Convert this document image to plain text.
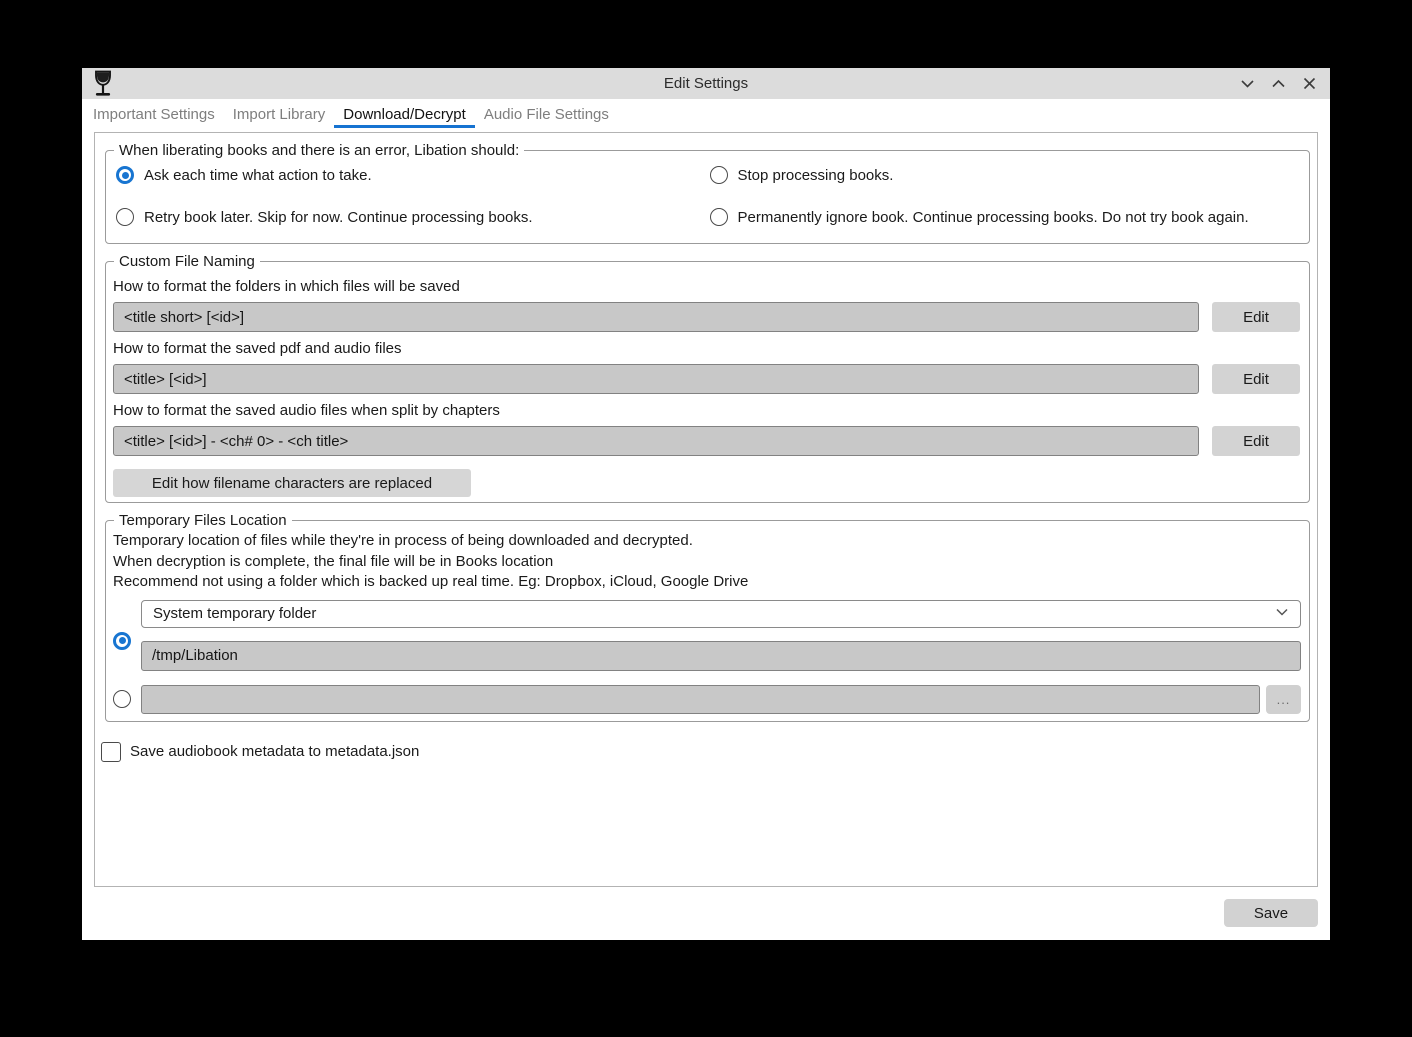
Edit Settings
Important Settings	Import Library	Download/Decrypt	Audio File Settings
When liberating books and there is an error, Libation should:
Ask each time what action to take.	Stop processing books.
Retry book later. Skip for now. Continue processing books.	Permanently ignore book. Continue processing books. Do not try book again.
Custom File Naming
How to format the folders in which files will be saved
<title short> [<id>]	Edit
How to format the saved pdf and audio files
<title> [<id>]	Edit
How to format the saved audio files when split by chapters
<title> [<id>] - <ch# 0> - <ch title>	Edit
Edit how filename characters are replaced
Temporary Files Location
Temporary location of files while they're in process of being downloaded and decrypted.
When decryption is complete, the final file will be in Books location
Recommend not using a folder which is backed up real time. Eg: Dropbox, iCloud, Google Drive
System temporary folder
/tmp/Libation
...
Save audiobook metadata to metadata.json
Save
